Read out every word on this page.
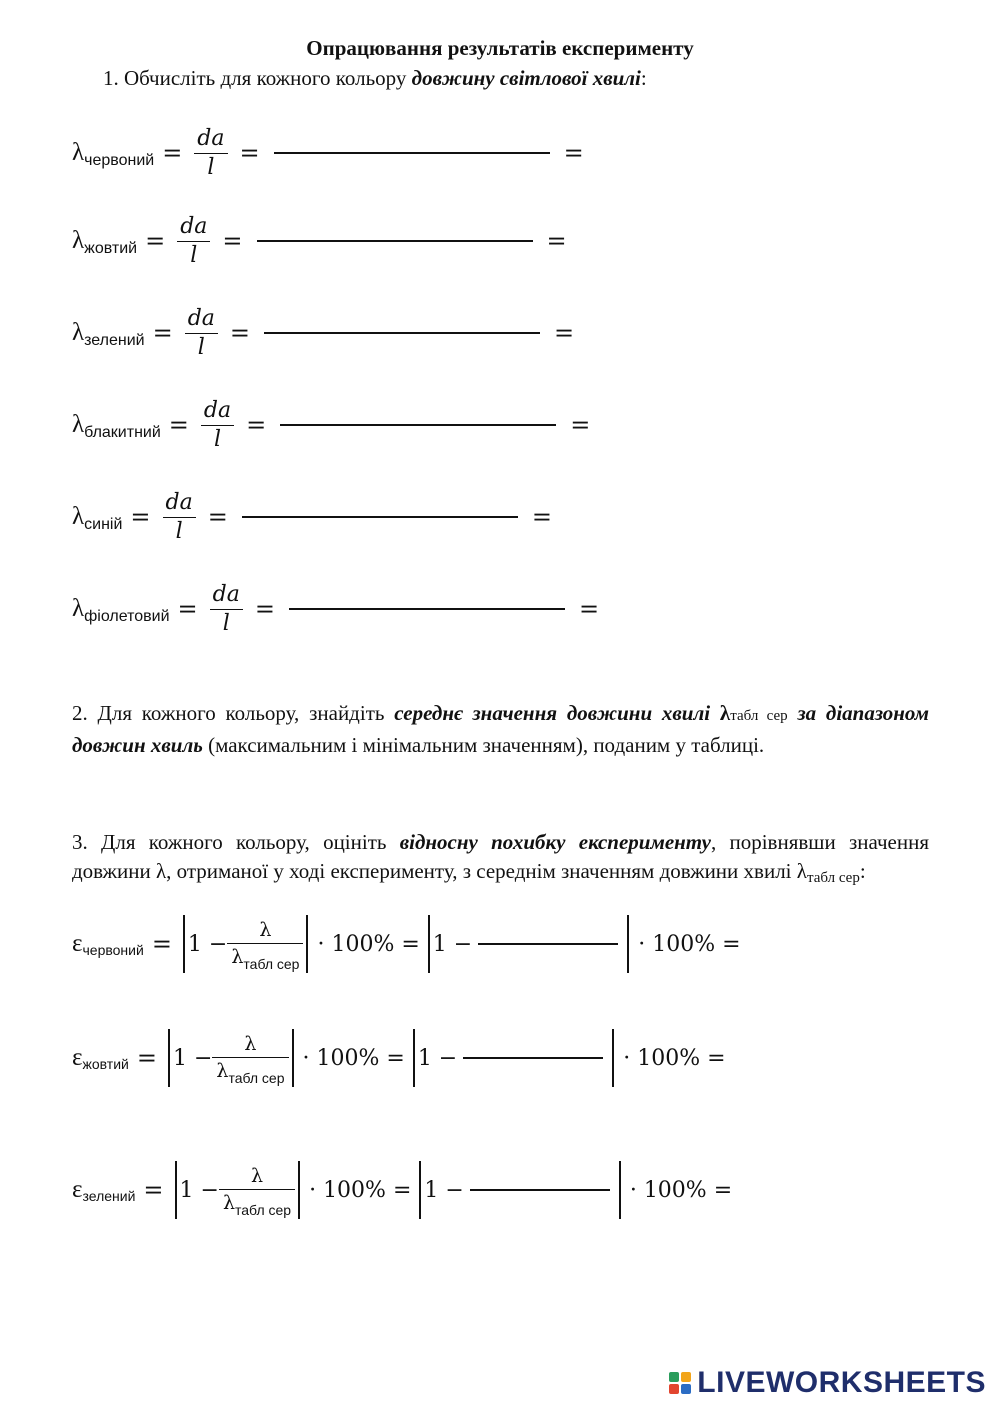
Опрацювання результатів експерименту
1. Обчисліть для кожного кольору довжину світлової хвилі:
λ червоний = $\frac{da}{l}$ =	=
λ жовтий = $\frac{da}{l}$ =	=
λ зелений = $\frac{da}{l}$ =	=
λ блакитний = $\frac{da}{l}$ =	=
λ синій = $\frac{da}{l}$ =	=
λ фіолетовий = $\frac{da}{l}$ =	=
2. Для кожного кольору, знайдіть середнє значення довжини хвилі λтабл сер за діапазоном довжин хвиль (максимальним і мінімальним значенням), поданим у таблиці.
3. Для кожного кольору, оцініть відносну похибку експерименту, порівнявши значення довжини λ, отриманої у ході експерименту, з середнім значенням довжини хвилі λтабл сер:
ε червоний = $1 - \frac{\lambda}{\lambda_{табл сер}} \cdot 100\% = 1$ −	· 100% =
ε жовтий = $1 - \frac{\lambda}{\lambda_{табл сер}} \cdot 100\% = 1$ −	· 100% =
ε зелений = $1 - \frac{\lambda}{\lambda_{табл сер}} \cdot 100\% = 1$ −	· 100% =
LIVEWORKSHEETS
